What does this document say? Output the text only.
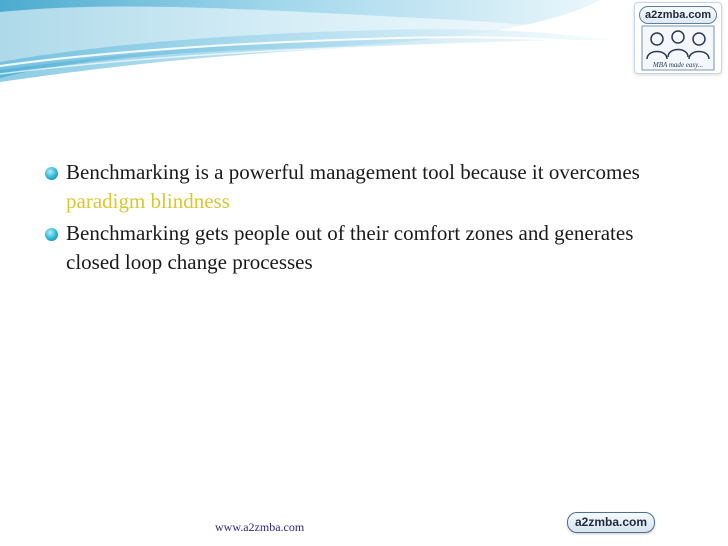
a2zmba.com
MBA made easy...
Benchmarking is a powerful management tool because it overcomes paradigm blindness
Benchmarking gets people out of their comfort zones and generates closed loop change processes
www.a2zmba.com	a2zmba.com
